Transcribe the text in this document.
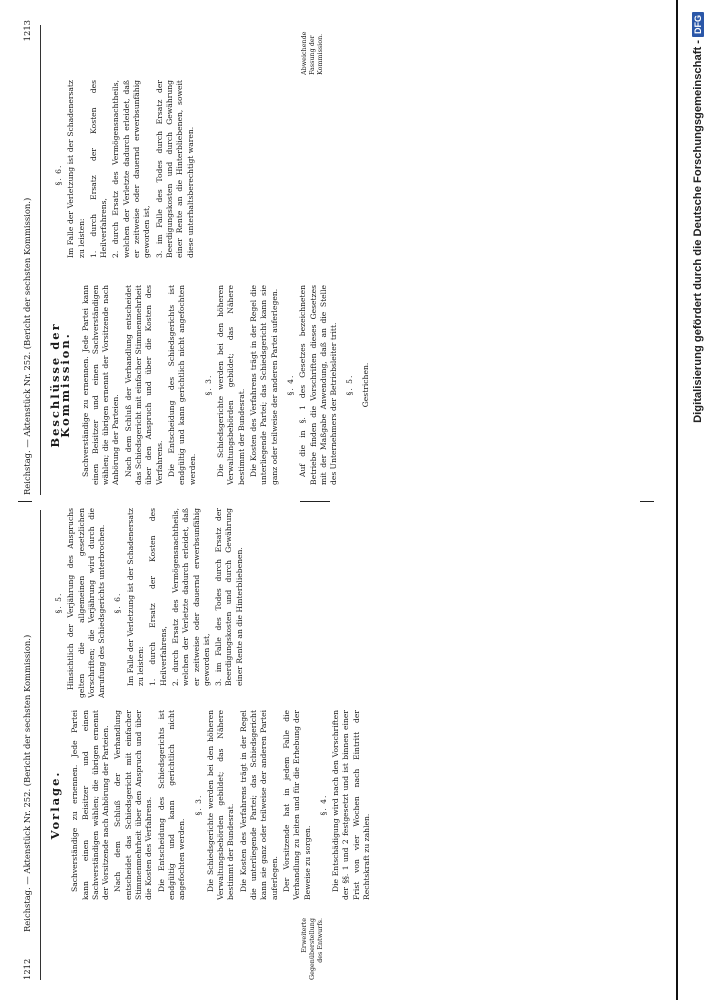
1212
Reichstag. — Aktenstück Nr. 252. (Bericht der sechsten Kommission.)
Erweiterte Gegenüberstellung des Entwurfs.
Vorlage. Sachverständige zu ernennen. Jede Partei kann einen Beisitzer und einen Sachverständigen wählen; die übrigen ernennt der Vorsitzende nach Anhörung der Parteien. Nach dem Schluß der Verhandlung entscheidet das Schiedsgericht mit einfacher Stimmenmehrheit über den Anspruch und über die Kosten des Verfahrens. Die Entscheidung des Schiedsgerichts ist endgültig und kann gerichtlich nicht angefochten werden.

§. 3. Die Schiedsgerichte werden bei den höheren Verwaltungsbehörden gebildet; das Nähere bestimmt der Bundesrat. Die Kosten des Verfahrens trägt in der Regel die unterliegende Partei; das Schiedsgericht kann sie ganz oder teilweise der anderen Partei auferlegen. Der Vorsitzende hat in jedem Falle die Verhandlung zu leiten und für die Erhebung der Beweise zu sorgen.

§. 4. Die Entschädigung wird nach den Vorschriften der §§. 1 und 2 festgesetzt und ist binnen einer Frist von vier Wochen nach Eintritt der Rechtskraft zu zahlen.

§. 5. Hinsichtlich der Verjährung des Anspruchs gelten die allgemeinen gesetzlichen Vorschriften; die Verjährung wird durch die Anrufung des Schiedsgerichts unterbrochen. §. 6. Im Falle der Verletzung ist der Schadenersatz zu leisten: 1. durch Ersatz der Kosten des Heilverfahrens, 2. durch Ersatz des Vermögensnachtheils, welchen der Verletzte dadurch erleidet, daß er zeitweise oder dauernd erwerbsunfähig geworden ist, 3. im Falle des Todes durch Ersatz der Beerdigungskosten und durch Gewährung einer Rente an die Hinterbliebenen.

Reichstag. — Aktenstück Nr. 252. (Bericht der sechsten Kommission.)
1213
Beschlüsse der Kommission. Sachverständige zu ernennen. Jede Partei kann einen Beisitzer und einen Sachverständigen wählen; die übrigen ernennt der Vorsitzende nach Anhörung der Parteien. Nach dem Schluß der Verhandlung entscheidet das Schiedsgericht mit einfacher Stimmenmehrheit über den Anspruch und über die Kosten des Verfahrens. Die Entscheidung des Schiedsgerichts ist endgültig und kann gerichtlich nicht angefochten werden.

§. 3. Die Schiedsgerichte werden bei den höheren Verwaltungsbehörden gebildet; das Nähere bestimmt der Bundesrat. Die Kosten des Verfahrens trägt in der Regel die unterliegende Partei; das Schiedsgericht kann sie ganz oder teilweise der anderen Partei auferlegen. §. 4. Auf die in §. 1 des Gesetzes bezeichneten Betriebe finden die Vorschriften dieses Gesetzes mit der Maßgabe Anwendung, daß an die Stelle des Unternehmers der Betriebsleiter tritt. §. 5. Gestrichen.

§. 6. Im Falle der Verletzung ist der Schadenersatz zu leisten: 1. durch Ersatz der Kosten des Heilverfahrens, 2. durch Ersatz des Vermögensnachtheils, welchen der Verletzte dadurch erleidet, daß er zeitweise oder dauernd erwerbsunfähig geworden ist, 3. im Falle des Todes durch Ersatz der Beerdigungskosten und durch Gewährung einer Rente an die Hinterbliebenen, soweit diese unterhaltsberechtigt waren.

Abweichende Fassung der Kommission.	Digitalisierung gefördert durch die Deutsche Forschungsgemeinschaft -
DFG
